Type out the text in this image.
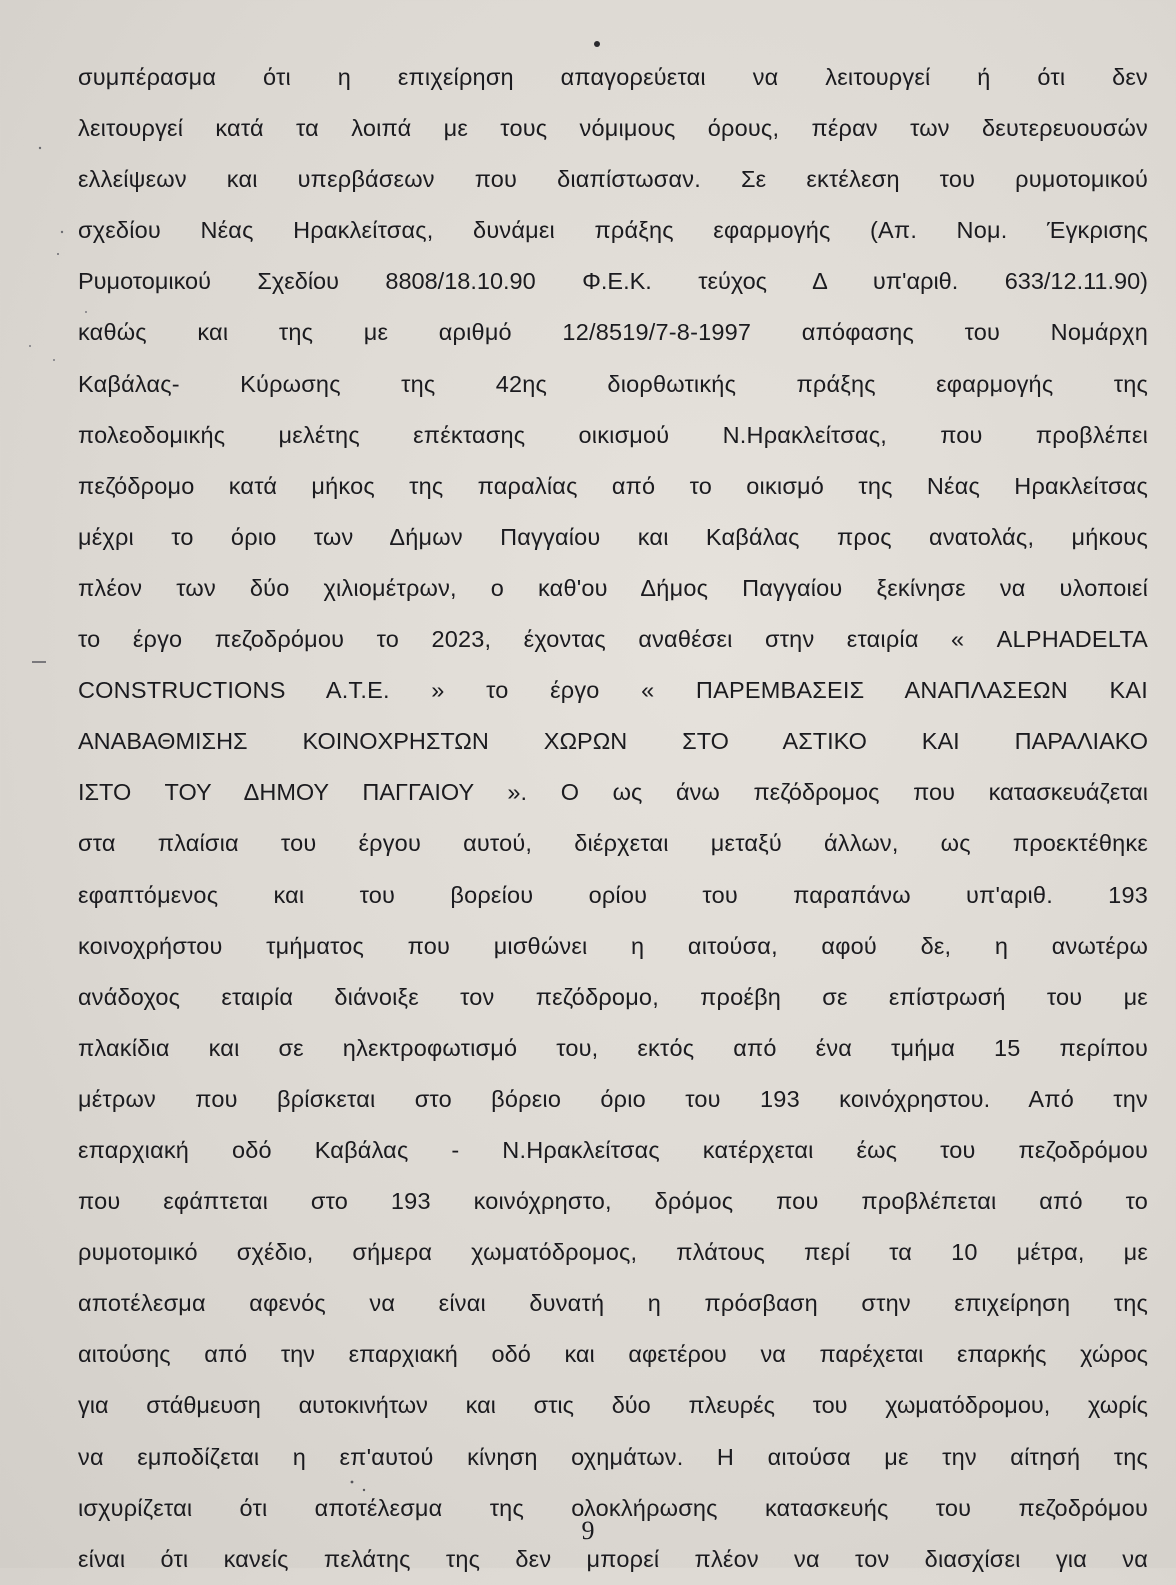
συμπέρασμα ότι η επιχείρηση απαγορεύεται να λειτουργεί ή ότι δεν
λειτουργεί κατά τα λοιπά με τους νόμιμους όρους, πέραν των δευτερευουσών
ελλείψεων και υπερβάσεων που διαπίστωσαν. Σε εκτέλεση του ρυμοτομικού
σχεδίου Νέας Ηρακλείτσας, δυνάμει πράξης εφαρμογής (Απ. Νομ. Έγκρισης
Ρυμοτομικού Σχεδίου 8808/18.10.90 Φ.Ε.Κ. τεύχος Δ υπ'αριθ. 633/12.11.90)
καθώς και της με αριθμό 12/8519/7-8-1997 απόφασης του Νομάρχη
Καβάλας- Κύρωσης της 42ης διορθωτικής πράξης εφαρμογής της
πολεοδομικής μελέτης επέκτασης οικισμού Ν.Ηρακλείτσας, που προβλέπει
πεζόδρομο κατά μήκος της παραλίας από το οικισμό της Νέας Ηρακλείτσας
μέχρι το όριο των Δήμων Παγγαίου και Καβάλας προς ανατολάς, μήκους
πλέον των δύο χιλιομέτρων, ο καθ'ου Δήμος Παγγαίου ξεκίνησε να υλοποιεί
το έργο πεζοδρόμου το 2023, έχοντας αναθέσει στην εταιρία « ALPHADELTA
CONSTRUCTIONS A.T.E. » το έργο « ΠΑΡΕΜΒΑΣΕΙΣ ΑΝΑΠΛΑΣΕΩΝ ΚΑΙ
ΑΝΑΒΑΘΜΙΣΗΣ ΚΟΙΝΟΧΡΗΣΤΩΝ ΧΩΡΩΝ ΣΤΟ ΑΣΤΙΚΟ ΚΑΙ ΠΑΡΑΛΙΑΚΟ
ΙΣΤΟ ΤΟΥ ΔΗΜΟΥ ΠΑΓΓΑΙΟΥ ». Ο ως άνω πεζόδρομος που κατασκευάζεται
στα πλαίσια του έργου αυτού, διέρχεται μεταξύ άλλων, ως προεκτέθηκε
εφαπτόμενος και του βορείου ορίου του παραπάνω υπ'αριθ. 193
κοινοχρήστου τμήματος που μισθώνει η αιτούσα, αφού δε, η ανωτέρω
ανάδοχος εταιρία διάνοιξε τον πεζόδρομο, προέβη σε επίστρωσή του με
πλακίδια και σε ηλεκτροφωτισμό του, εκτός από ένα τμήμα 15 περίπου
μέτρων που βρίσκεται στο βόρειο όριο του 193 κοινόχρηστου. Από την
επαρχιακή οδό Καβάλας - Ν.Ηρακλείτσας κατέρχεται έως του πεζοδρόμου
που εφάπτεται στο 193 κοινόχρηστο, δρόμος που προβλέπεται από το
ρυμοτομικό σχέδιο, σήμερα χωματόδρομος, πλάτους περί τα 10 μέτρα, με
αποτέλεσμα αφενός να είναι δυνατή η πρόσβαση στην επιχείρηση της
αιτούσης από την επαρχιακή οδό και αφετέρου να παρέχεται επαρκής χώρος
για στάθμευση αυτοκινήτων και στις δύο πλευρές του χωματόδρομου, χωρίς
να εμποδίζεται η επ'αυτού κίνηση οχημάτων. Η αιτούσα με την αίτησή της
ισχυρίζεται ότι αποτέλεσμα της ολοκλήρωσης κατασκευής του πεζοδρόμου
είναι ότι κανείς πελάτης της δεν μπορεί πλέον να τον διασχίσει για να
9
